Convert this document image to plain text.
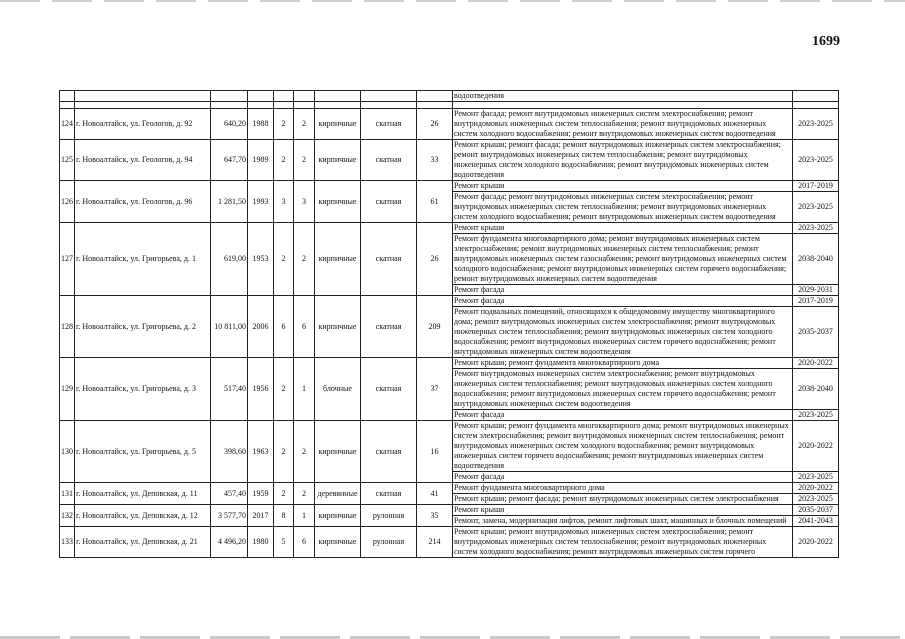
1699
									водоотведения	

124	г. Новоалтайск, ул. Геологов, д. 92	640,20	1988	2	2	кирпичные	скатная	26	Ремонт фасада; ремонт внутридомовых инженерных систем электроснабжения; ремонт внутридомовых инженерных систем теплоснабжения; ремонт внутридомовых инженерных систем холодного водоснабжения; ремонт внутридомовых инженерных систем водоотведения	2023-2025
125	г. Новоалтайск, ул. Геологов, д. 94	647,70	1989	2	2	кирпичные	скатная	33	Ремонт крыши; ремонт фасада; ремонт внутридомовых инженерных систем электроснабжения; ремонт внутридомовых инженерных систем теплоснабжения; ремонт внутридомовых инженерных систем холодного водоснабжения; ремонт внутридомовых инженерных систем водоотведения	2023-2025
126	г. Новоалтайск, ул. Геологов, д. 96	1 281,50	1993	3	3	кирпичные	скатная	61	Ремонт крыши	2017-2019
									Ремонт фасада; ремонт внутридомовых инженерных систем электроснабжения; ремонт внутридомовых инженерных систем теплоснабжения; ремонт внутридомовых инженерных систем холодного водоснабжения; ремонт внутридомовых инженерных систем водоотведения	2023-2025
127	г. Новоалтайск, ул. Григорьева, д. 1	619,00	1953	2	2	кирпичные	скатная	26	Ремонт крыши	2023-2025
									Ремонт фундамента многоквартирного дома; ремонт внутридомовых инженерных систем электроснабжения; ремонт внутридомовых инженерных систем теплоснабжения; ремонт внутридомовых инженерных систем газоснабжения; ремонт внутридомовых инженерных систем холодного водоснабжения; ремонт внутридомовых инженерных систем горячего водоснабжения; ремонт внутридомовых инженерных систем водоотведения	2038-2040
									Ремонт фасада	2029-2031
128	г. Новоалтайск, ул. Григорьева, д. 2	10 811,00	2006	6	6	кирпичные	скатная	209	Ремонт фасада	2017-2019
									Ремонт подвальных помещений, относящихся к общедомовому имуществу многоквартирного дома; ремонт внутридомовых инженерных систем электроснабжения; ремонт внутридомовых инженерных систем теплоснабжения; ремонт внутридомовых инженерных систем холодного водоснабжения; ремонт внутридомовых инженерных систем горячего водоснабжения; ремонт внутридомовых инженерных систем водоотведения	2035-2037
129	г. Новоалтайск, ул. Григорьева, д. 3	517,40	1956	2	1	блочные	скатная	37	Ремонт крыши; ремонт фундамента многоквартирного дома	2020-2022
									Ремонт внутридомовых инженерных систем электроснабжения; ремонт внутридомовых инженерных систем теплоснабжения; ремонт внутридомовых инженерных систем холодного водоснабжения; ремонт внутридомовых инженерных систем горячего водоснабжения; ремонт внутридомовых инженерных систем водоотведения	2038-2040
									Ремонт фасада	2023-2025
130	г. Новоалтайск, ул. Григорьева, д. 5	398,60	1963	2	2	кирпичные	скатная	16	Ремонт крыши; ремонт фундамента многоквартирного дома; ремонт внутридомовых инженерных систем электроснабжения; ремонт внутридомовых инженерных систем теплоснабжения; ремонт внутридомовых инженерных систем холодного водоснабжения; ремонт внутридомовых инженерных систем горячего водоснабжения; ремонт внутридомовых инженерных систем водоотведения	2020-2022
									Ремонт фасада	2023-2025
131	г. Новоалтайск, ул. Деповская, д. 11	457,40	1959	2	2	деревянные	скатная	41	Ремонт фундамента многоквартирного дома	2020-2022
									Ремонт крыши; ремонт фасада; ремонт внутридомовых инженерных систем электроснабжения	2023-2025
132	г. Новоалтайск, ул. Деповская, д. 12	3 577,70	2017	8	1	кирпичные	рулонная	35	Ремонт крыши	2035-2037
									Ремонт, замена, модернизация лифтов, ремонт лифтовых шахт, машинных и блочных помещений	2041-2043
133	г. Новоалтайск, ул. Деповская, д. 21	4 496,20	1980	5	6	кирпичные	рулонная	214	Ремонт крыши; ремонт внутридомовых инженерных систем электроснабжения; ремонт внутридомовых инженерных систем теплоснабжения; ремонт внутридомовых инженерных систем холодного водоснабжения; ремонт внутридомовых инженерных систем горячего	2020-2022
